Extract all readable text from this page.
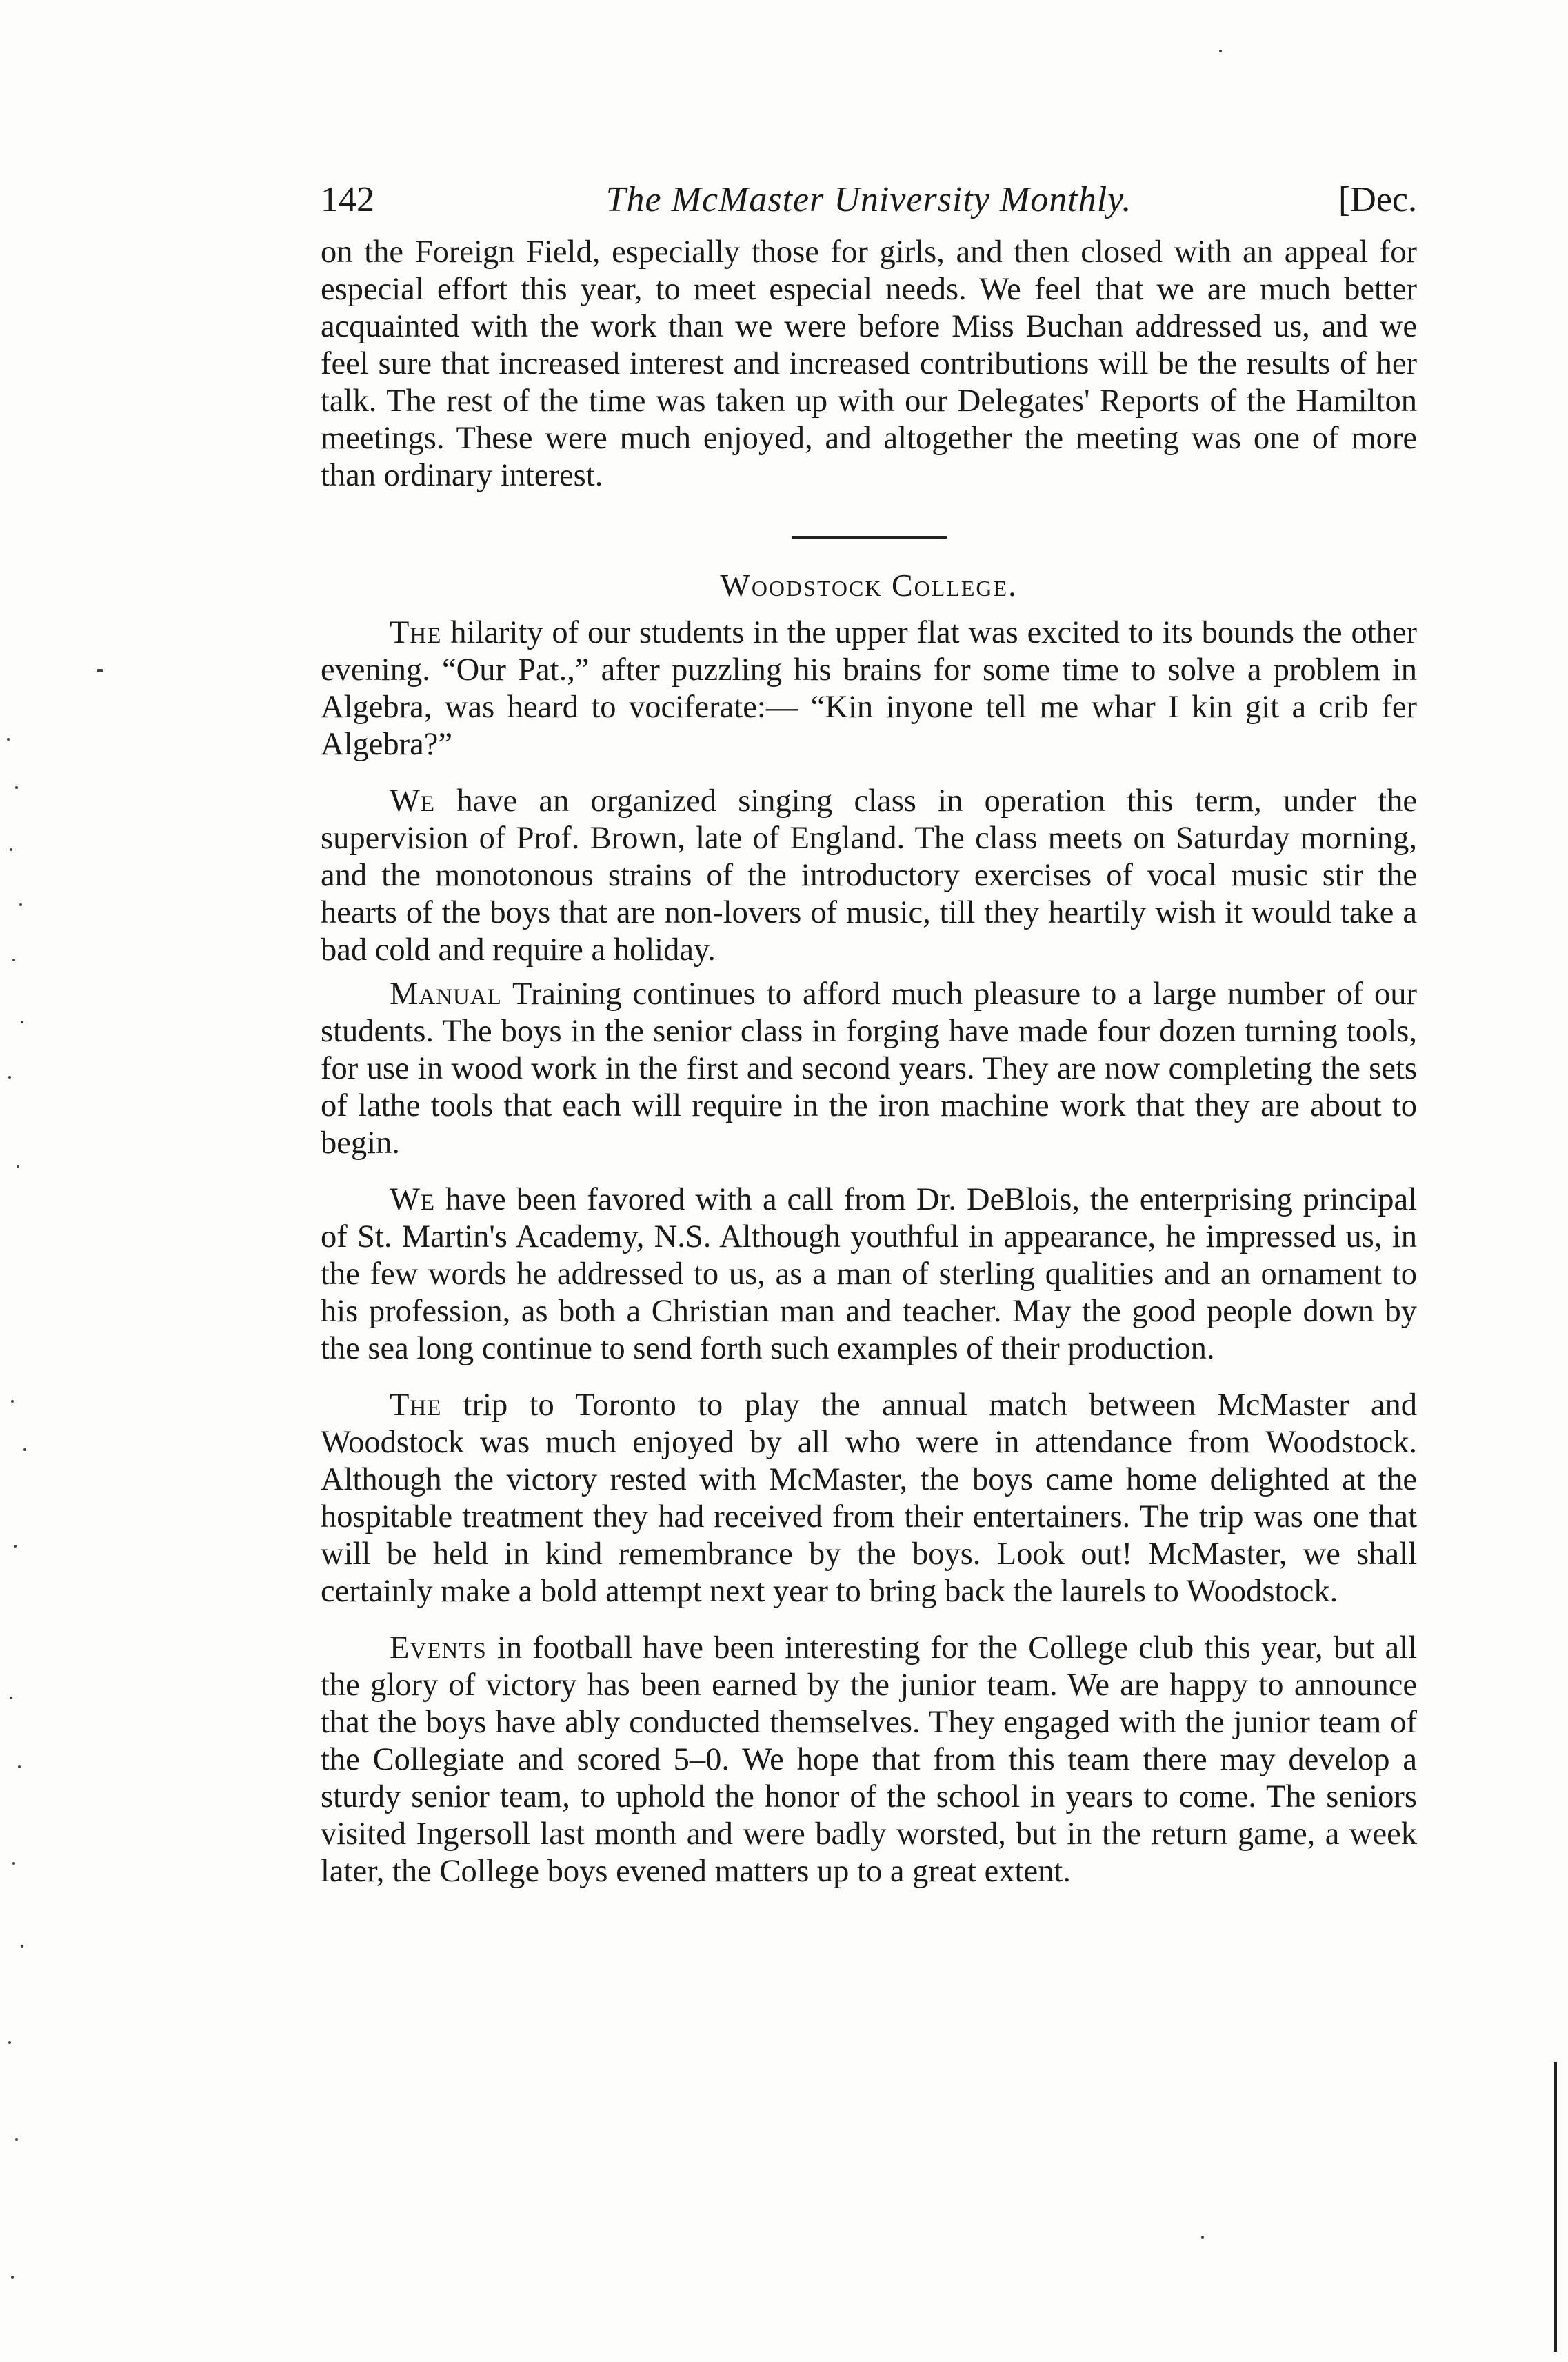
142	The McMaster University Monthly.	[Dec.

on the Foreign Field, especially those for girls, and then closed with an appeal for especial effort this year, to meet especial needs. We feel that we are much better acquainted with the work than we were before Miss Buchan addressed us, and we feel sure that increased interest and increased contributions will be the results of her talk. The rest of the time was taken up with our Delegates' Reports of the Hamilton meetings. These were much enjoyed, and altogether the meeting was one of more than ordinary interest.

Woodstock College.

The hilarity of our students in the upper flat was excited to its bounds the other evening. “Our Pat.,” after puzzling his brains for some time to solve a problem in Algebra, was heard to vociferate:— “Kin inyone tell me whar I kin git a crib fer Algebra?”

We have an organized singing class in operation this term, under the supervision of Prof. Brown, late of England. The class meets on Saturday morning, and the monotonous strains of the introductory exercises of vocal music stir the hearts of the boys that are non-lovers of music, till they heartily wish it would take a bad cold and require a holiday.

Manual Training continues to afford much pleasure to a large number of our students. The boys in the senior class in forging have made four dozen turning tools, for use in wood work in the first and second years. They are now completing the sets of lathe tools that each will require in the iron machine work that they are about to begin.

We have been favored with a call from Dr. DeBlois, the enterprising principal of St. Martin's Academy, N.S. Although youthful in appearance, he impressed us, in the few words he addressed to us, as a man of sterling qualities and an ornament to his profession, as both a Christian man and teacher. May the good people down by the sea long continue to send forth such examples of their production.

The trip to Toronto to play the annual match between McMaster and Woodstock was much enjoyed by all who were in attendance from Woodstock. Although the victory rested with McMaster, the boys came home delighted at the hospitable treatment they had received from their entertainers. The trip was one that will be held in kind remembrance by the boys. Look out! McMaster, we shall certainly make a bold attempt next year to bring back the laurels to Woodstock.

Events in football have been interesting for the College club this year, but all the glory of victory has been earned by the junior team. We are happy to announce that the boys have ably conducted themselves. They engaged with the junior team of the Collegiate and scored 5–0. We hope that from this team there may develop a sturdy senior team, to uphold the honor of the school in years to come. The seniors visited Ingersoll last month and were badly worsted, but in the return game, a week later, the College boys evened matters up to a great extent.
